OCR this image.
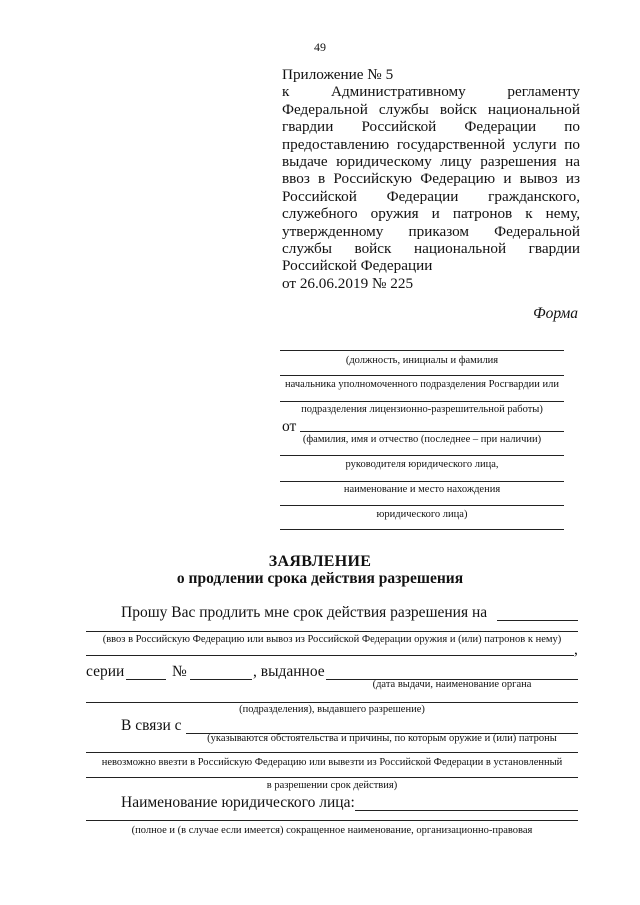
49
Приложение № 5
к Административному регламенту
Федеральной службы войск национальной
гвардии Российской Федерации по
предоставлению государственной услуги по
выдаче юридическому лицу разрешения на
ввоз в Российскую Федерацию и вывоз из
Российской Федерации гражданского,
служебного оружия и патронов к нему,
утвержденному приказом Федеральной
службы войск национальной гвардии
Российской Федерации
от 26.06.2019 № 225
Форма
(должность, инициалы и фамилия
начальника уполномоченного подразделения Росгвардии или
подразделения лицензионно-разрешительной работы)
от
(фамилия, имя и отчество (последнее – при наличии)
руководителя юридического лица,
наименование и место нахождения
юридического лица)
ЗАЯВЛЕНИЕ
о продлении срока действия разрешения
Прошу Вас продлить мне срок действия разрешения на
(ввоз в Российскую Федерацию или вывоз из Российской Федерации оружия и (или) патронов к нему)
,
серии	№	, выданное
(дата выдачи, наименование органа
(подразделения), выдавшего разрешение)
В связи с
(указываются обстоятельства и причины, по которым оружие и (или) патроны
невозможно ввезти в Российскую Федерацию или вывезти из Российской Федерации в установленный
в разрешении срок действия)
Наименование юридического лица:
(полное и (в случае если имеется) сокращенное наименование, организационно-правовая
